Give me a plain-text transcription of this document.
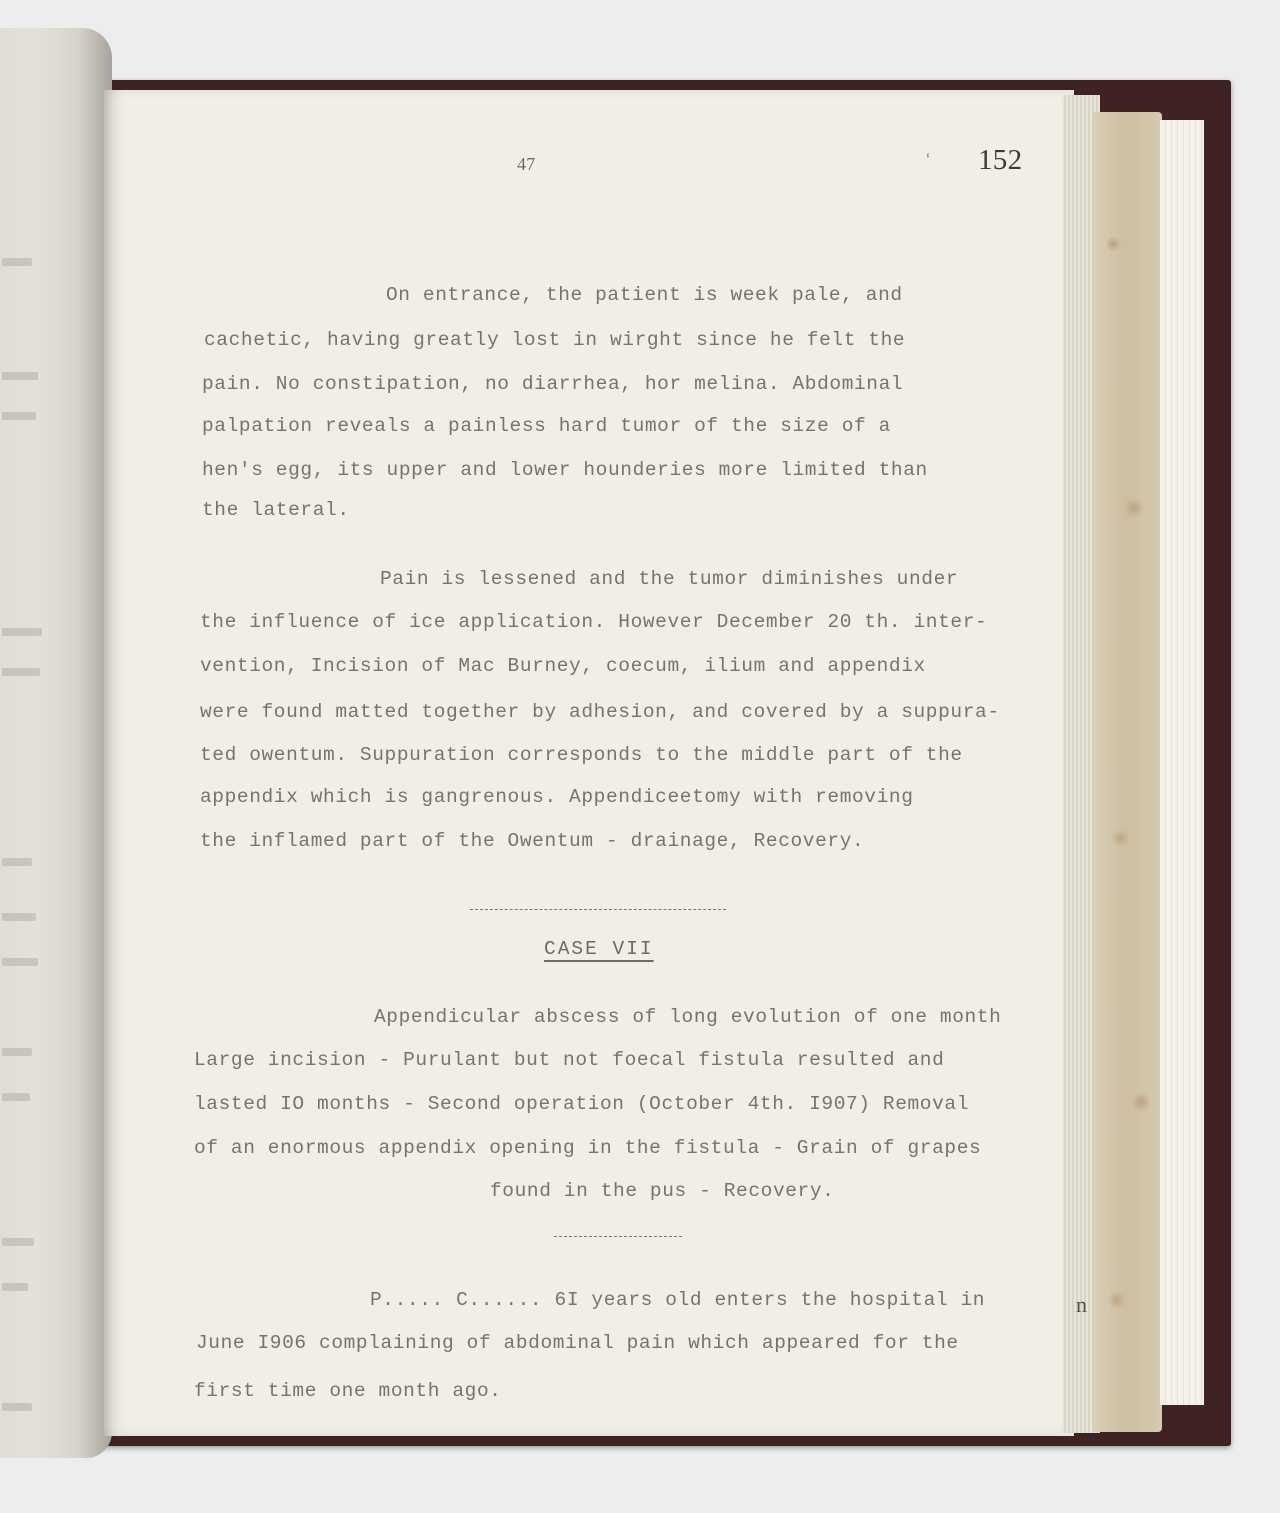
n
47	‘ 152
On entrance, the patient is week pale, and
cachetic, having greatly lost in wirght since he felt the
pain. No constipation, no diarrhea, hor melina. Abdominal
palpation reveals a painless hard tumor of the size of a
hen's egg, its upper and lower hounderies more limited than
the lateral.
Pain is lessened and the tumor diminishes under
the influence of ice application. However December 20 th. inter-
vention, Incision of Mac Burney, coecum, ilium and appendix
were found matted together by adhesion, and covered by a suppura-
ted owentum. Suppuration corresponds to the middle part of the
appendix which is gangrenous. Appendiceetomy with removing
the inflamed part of the Owentum - drainage, Recovery.
CASE VII
Appendicular abscess of long evolution of one month
Large incision - Purulant but not foecal fistula resulted and
lasted IO months - Second operation (October 4th. I907) Removal
of an enormous appendix opening in the fistula - Grain of grapes
found in the pus - Recovery.
P..... C...... 6I years old enters the hospital in
June I906 complaining of abdominal pain which appeared for the
first time one month ago.
